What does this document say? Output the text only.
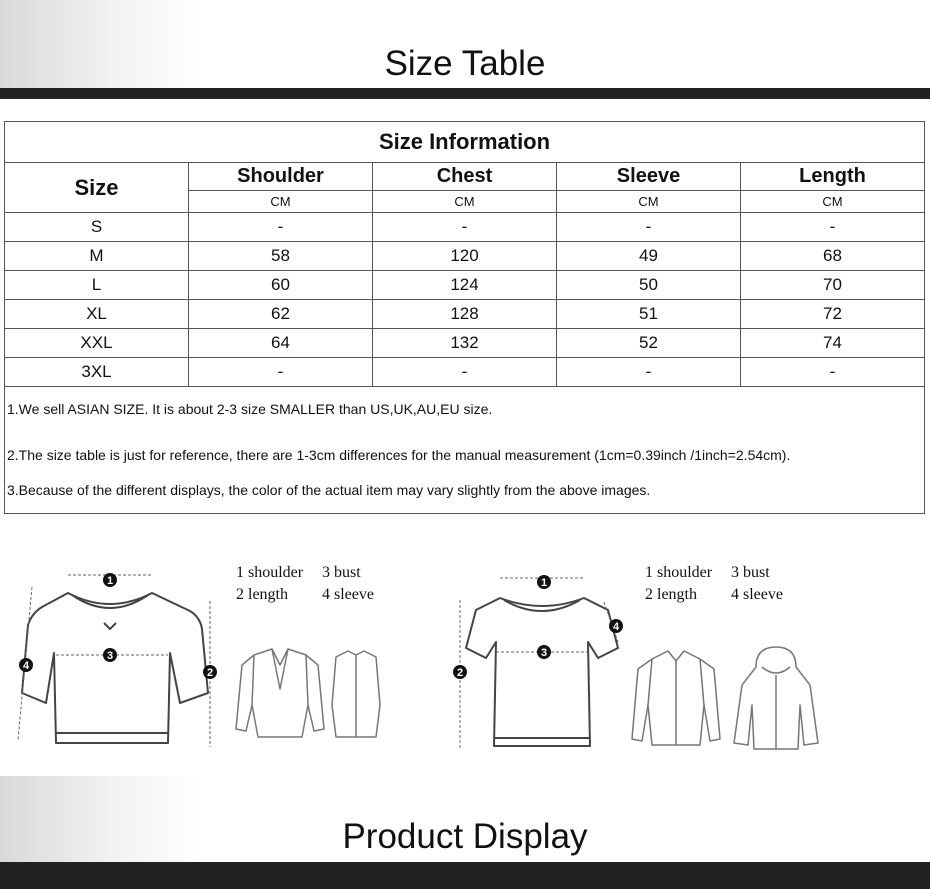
Size Table
Size Information				
Size	Shoulder	Chest	Sleeve	Length
	CM	CM	CM	CM
S	-	-	-	-
M	58	120	49	68
L	60	124	50	70
XL	62	128	51	72
XXL	64	132	52	74
3XL	-	-	-	-

1.We sell ASIAN SIZE. It is about 2-3 size SMALLER than US,UK,AU,EU size.
2.The size table is just for reference, there are 1-3cm differences for the manual measurement (1cm=0.39inch /1inch=2.54cm).
3.Because of the different displays, the color of the actual item may vary slightly from the above images.				
1
2
3
4
1 shoulder 3 bust
2 length 4 sleeve
1
2
3
4
1 shoulder 3 bust
2 length 4 sleeve
Product Display
